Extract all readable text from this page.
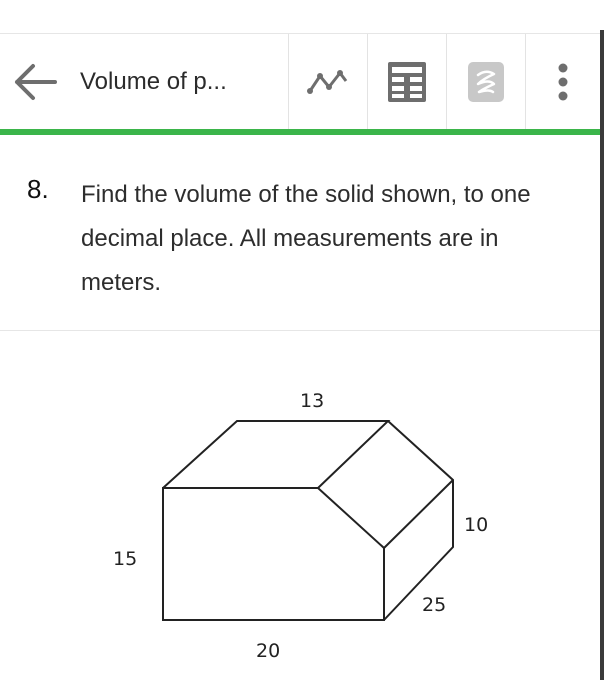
Volume of p...
8. Find the volume of the solid shown, to one decimal place. All measurements are in meters.
13
15
10
25
20
